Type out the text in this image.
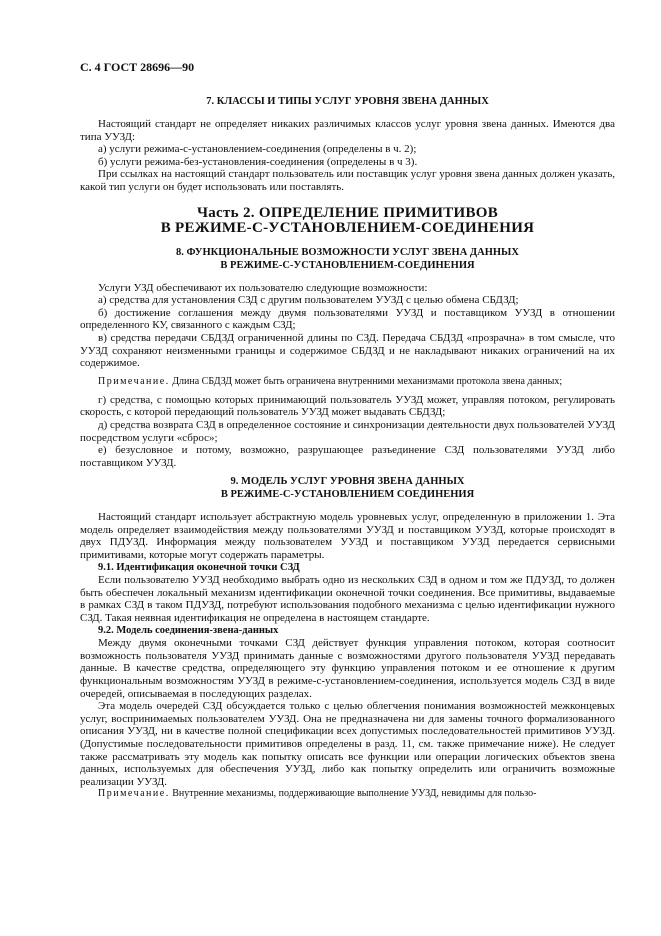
С. 4 ГОСТ 28696—90
7. КЛАССЫ И ТИПЫ УСЛУГ УРОВНЯ ЗВЕНА ДАННЫХ

Настоящий стандарт не определяет никаких различимых классов услуг уровня звена данных. Имеются два типа УУЗД:

а) услуги режима-с-установлением-соединения (определены в ч. 2);

б) услуги режима-без-установления-соединения (определены в ч 3).

При ссылках на настоящий стандарт пользователь или поставщик услуг уровня звена данных должен указать, какой тип услуги он будет использовать или поставлять.

Часть 2. ОПРЕДЕЛЕНИЕ ПРИМИТИВОВ
В РЕЖИМЕ-С-УСТАНОВЛЕНИЕМ-СОЕДИНЕНИЯ
8. ФУНКЦИОНАЛЬНЫЕ ВОЗМОЖНОСТИ УСЛУГ ЗВЕНА ДАННЫХ
В РЕЖИМЕ-С-УСТАНОВЛЕНИЕМ-СОЕДИНЕНИЯ

Услуги УЗД обеспечивают их пользователю следующие возможности:

а) средства для установления СЗД с другим пользователем УУЗД с целью обмена СБДЗД;

б) достижение соглашения между двумя пользователями УУЗД и поставщиком УУЗД в отношении определенного КУ, связанного с каждым СЗД;

в) средства передачи СБДЗД ограниченной длины по СЗД. Передача СБДЗД «прозрачна» в том смысле, что УУЗД сохраняют неизменными границы и содержимое СБДЗД и не накладывают никаких ограничений на их содержимое.

Примечание. Длина СБДЗД может быть ограничена внутренними механизмами протокола звена данных;

г) средства, с помощью которых принимающий пользователь УУЗД может, управляя потоком, регулировать скорость, с которой передающий пользователь УУЗД может выдавать СБДЗД;

д) средства возврата СЗД в определенное состояние и синхронизации деятельности двух пользователей УУЗД посредством услуги «сброс»;

е) безусловное и потому, возможно, разрушающее разъединение СЗД пользователями УУЗД либо поставщиком УУЗД.

9. МОДЕЛЬ УСЛУГ УРОВНЯ ЗВЕНА ДАННЫХ
В РЕЖИМЕ-С-УСТАНОВЛЕНИЕМ СОЕДИНЕНИЯ

Настоящий стандарт использует абстрактную модель уровневых услуг, определенную в приложении 1. Эта модель определяет взаимодействия между пользователями УУЗД и поставщиком УУЗД, которые происходят в двух ПДУЗД. Информация между пользователем УУЗД и поставщиком УУЗД передается сервисными примитивами, которые могут содержать параметры.

9.1. Идентификация оконечной точки СЗД

Если пользователю УУЗД необходимо выбрать одно из нескольких СЗД в одном и том же ПДУЗД, то должен быть обеспечен локальный механизм идентификации оконечной точки соединения. Все примитивы, выдаваемые в рамках СЗД в таком ПДУЗД, потребуют использования подобного механизма с целью идентификации нужного СЗД. Такая неявная идентификация не определена в настоящем стандарте.

9.2. Модель соединения-звена-данных

Между двумя оконечными точками СЗД действует функция управления потоком, которая соотносит возможность пользователя УУЗД принимать данные с возможностями другого пользователя УУЗД передавать данные. В качестве средства, определяющего эту функцию управления потоком и ее отношение к другим функциональным возможностям УУЗД в режиме-с-установлением-соединения, используется модель СЗД в виде очередей, описываемая в последующих разделах.

Эта модель очередей СЗД обсуждается только с целью облегчения понимания возможностей межконцевых услуг, воспринимаемых пользователем УУЗД. Она не предназначена ни для замены точного формализованного описания УУЗД, ни в качестве полной спецификации всех допустимых последовательностей примитивов УУЗД. (Допустимые последовательности примитивов определены в разд. 11, см. также примечание ниже). Не следует также рассматривать эту модель как попытку описать все функции или операции логических объектов звена данных, используемых для обеспечения УУЗД, либо как попытку определить или ограничить возможные реализации УУЗД.

Примечание. Внутренние механизмы, поддерживающие выполнение УУЗД, невидимы для пользо-
